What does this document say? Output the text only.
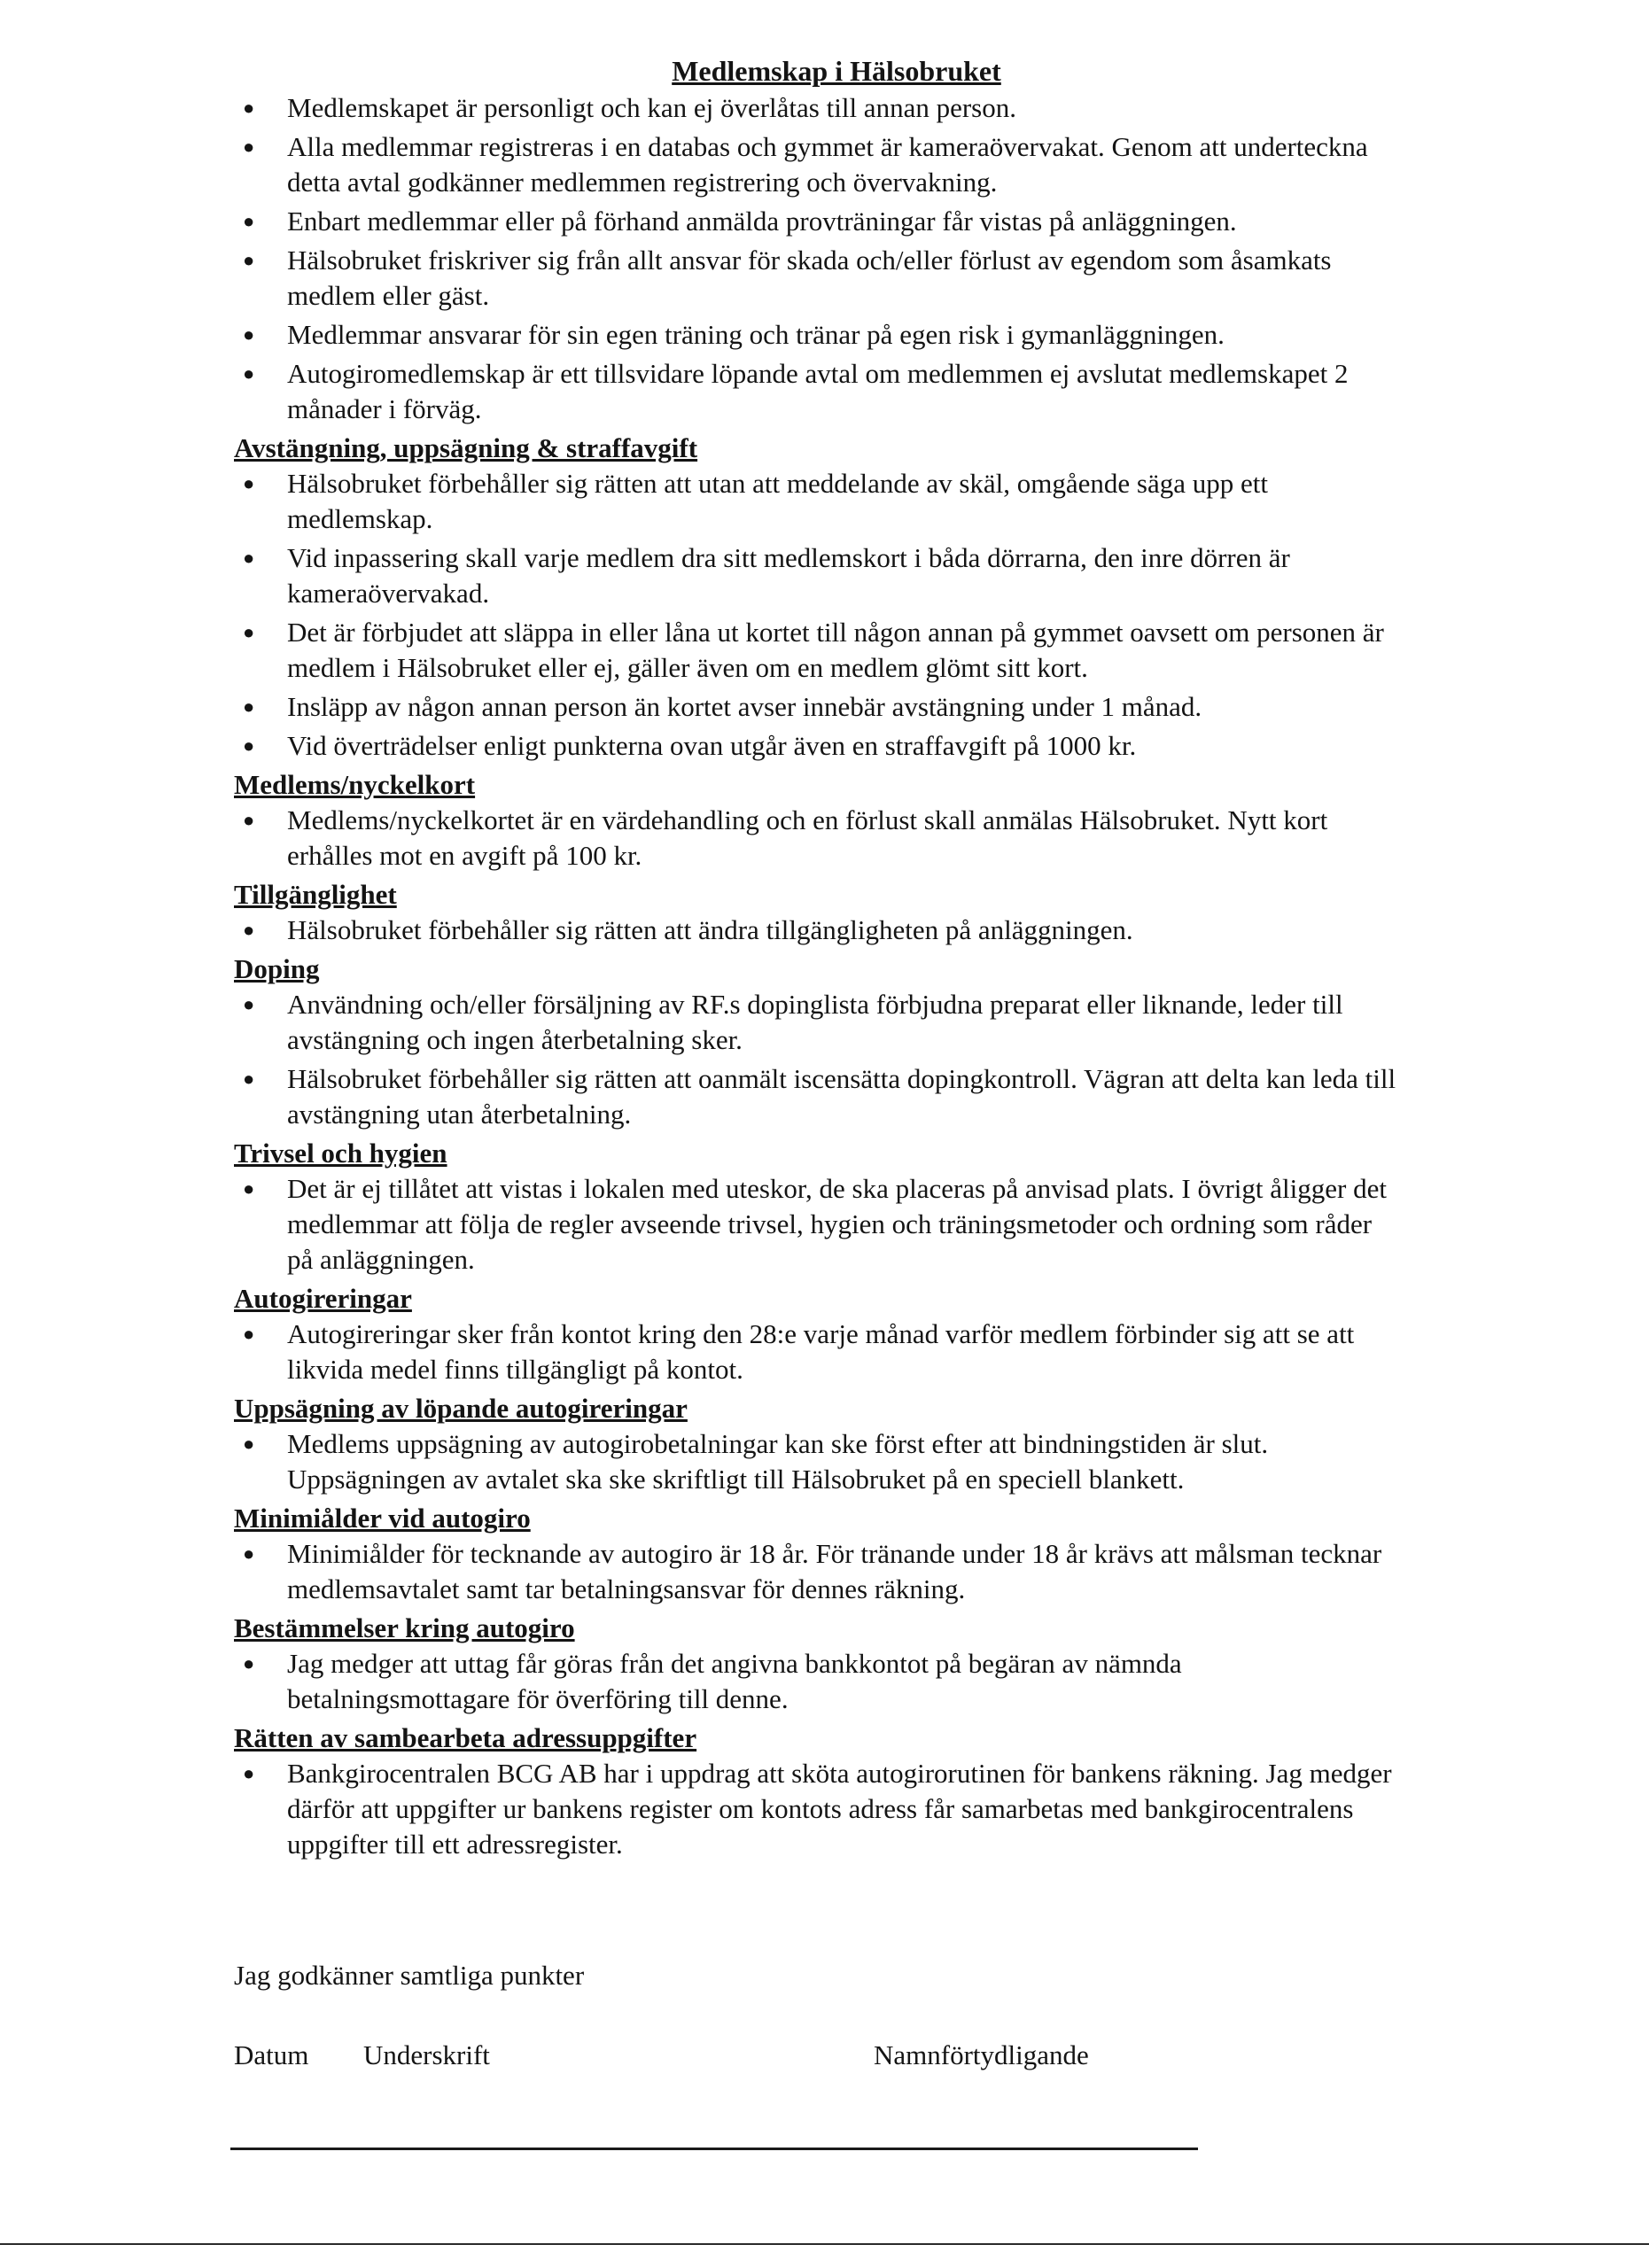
Medlemskap i Hälsobruket
● Medlemskapet är personligt och kan ej överlåtas till annan person.
● Alla medlemmar registreras i en databas och gymmet är kameraövervakat. Genom att underteckna detta avtal godkänner medlemmen registrering och övervakning.
● Enbart medlemmar eller på förhand anmälda provträningar får vistas på anläggningen.
● Hälsobruket friskriver sig från allt ansvar för skada och/eller förlust av egendom som åsamkats medlem eller gäst.
● Medlemmar ansvarar för sin egen träning och tränar på egen risk i gymanläggningen.
● Autogiromedlemskap är ett tillsvidare löpande avtal om medlemmen ej avslutat medlemskapet 2 månader i förväg.
Avstängning, uppsägning & straffavgift
● Hälsobruket förbehåller sig rätten att utan att meddelande av skäl, omgående säga upp ett medlemskap.
● Vid inpassering skall varje medlem dra sitt medlemskort i båda dörrarna, den inre dörren är kameraövervakad.
● Det är förbjudet att släppa in eller låna ut kortet till någon annan på gymmet oavsett om personen är medlem i Hälsobruket eller ej, gäller även om en medlem glömt sitt kort.
● Insläpp av någon annan person än kortet avser innebär avstängning under 1 månad.
● Vid överträdelser enligt punkterna ovan utgår även en straffavgift på 1000 kr.
Medlems/nyckelkort
● Medlems/nyckelkortet är en värdehandling och en förlust skall anmälas Hälsobruket. Nytt kort erhålles mot en avgift på 100 kr.
Tillgänglighet
● Hälsobruket förbehåller sig rätten att ändra tillgängligheten på anläggningen.
Doping
● Användning och/eller försäljning av RF.s dopinglista förbjudna preparat eller liknande, leder till avstängning och ingen återbetalning sker.
● Hälsobruket förbehåller sig rätten att oanmält iscensätta dopingkontroll. Vägran att delta kan leda till avstängning utan återbetalning.
Trivsel och hygien
● Det är ej tillåtet att vistas i lokalen med uteskor, de ska placeras på anvisad plats. I övrigt åligger det medlemmar att följa de regler avseende trivsel, hygien och träningsmetoder och ordning som råder på anläggningen.
Autogireringar
● Autogireringar sker från kontot kring den 28:e varje månad varför medlem förbinder sig att se att likvida medel finns tillgängligt på kontot.
Uppsägning av löpande autogireringar
● Medlems uppsägning av autogirobetalningar kan ske först efter att bindningstiden är slut. Uppsägningen av avtalet ska ske skriftligt till Hälsobruket på en speciell blankett.
Minimiålder vid autogiro
● Minimiålder för tecknande av autogiro är 18 år. För tränande under 18 år krävs att målsman tecknar medlemsavtalet samt tar betalningsansvar för dennes räkning.
Bestämmelser kring autogiro
● Jag medger att uttag får göras från det angivna bankkontot på begäran av nämnda betalningsmottagare för överföring till denne.
Rätten av sambearbeta adressuppgifter
● Bankgirocentralen BCG AB har i uppdrag att sköta autogirorutinen för bankens räkning. Jag medger därför att uppgifter ur bankens register om kontots adress får samarbetas med bankgirocentralens uppgifter till ett adressregister.
Jag godkänner samtliga punkter
Datum Underskrift	Namnförtydligande
